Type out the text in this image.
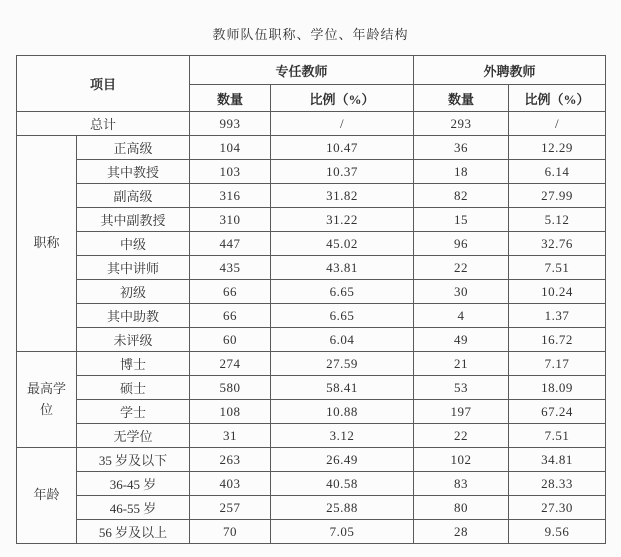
教师队伍职称、学位、年龄结构
项目		专任教师		外聘教师	
		数量	比例（%）	数量	比例（%）
总计		993	/	293	/
职称	正高级	104	10.47	36	12.29
	其中教授	103	10.37	18	6.14
	副高级	316	31.82	82	27.99
	其中副教授	310	31.22	15	5.12
	中级	447	45.02	96	32.76
	其中讲师	435	43.81	22	7.51
	初级	66	6.65	30	10.24
	其中助教	66	6.65	4	1.37
	未评级	60	6.04	49	16.72
最高学位	博士	274	27.59	21	7.17
	硕士	580	58.41	53	18.09
	学士	108	10.88	197	67.24
	无学位	31	3.12	22	7.51
年龄	35 岁及以下	263	26.49	102	34.81
	36-45 岁	403	40.58	83	28.33
	46-55 岁	257	25.88	80	27.30
	56 岁及以上	70	7.05	28	9.56
